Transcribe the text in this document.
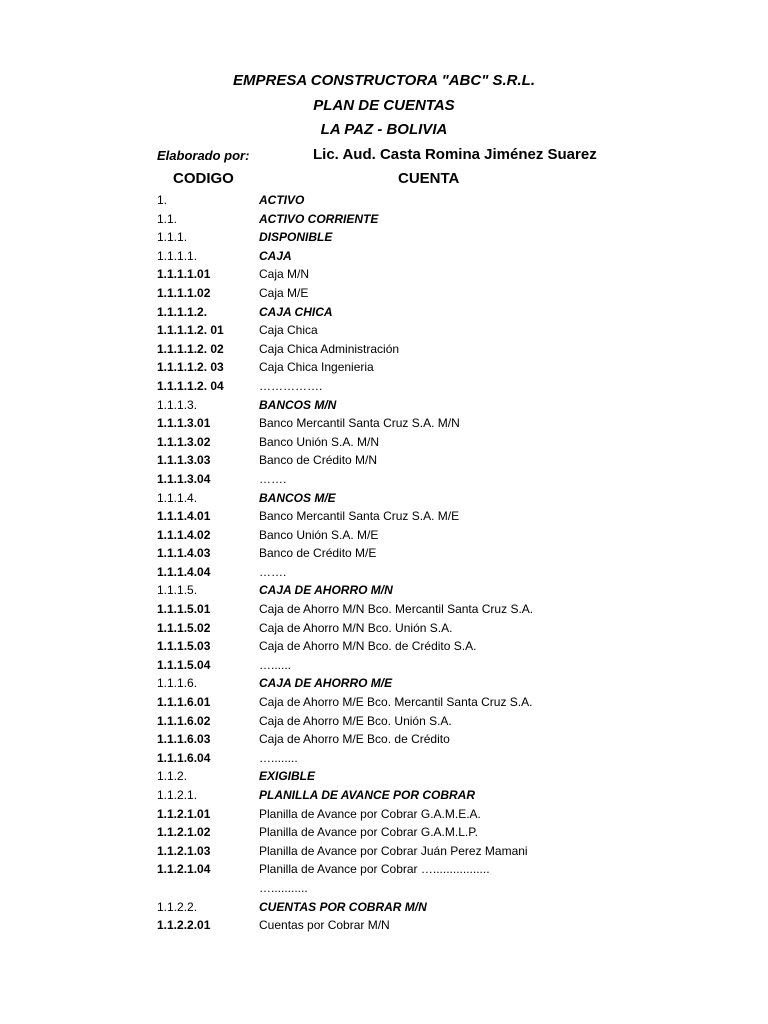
EMPRESA CONSTRUCTORA "ABC" S.R.L.
PLAN DE CUENTAS
LA PAZ - BOLIVIA
Elaborado por:	Lic. Aud. Casta Romina Jiménez Suarez
CODIGO	CUENTA
1.	ACTIVO
1.1.	ACTIVO CORRIENTE
1.1.1.	DISPONIBLE
1.1.1.1.	CAJA
1.1.1.1.01	Caja M/N
1.1.1.1.02	Caja M/E
1.1.1.1.2.	CAJA CHICA
1.1.1.1.2. 01	Caja Chica
1.1.1.1.2. 02	Caja Chica Administración
1.1.1.1.2. 03	Caja Chica Ingenieria
1.1.1.1.2. 04	…………….
1.1.1.3.	BANCOS M/N
1.1.1.3.01	Banco Mercantil Santa Cruz S.A. M/N
1.1.1.3.02	Banco Unión S.A. M/N
1.1.1.3.03	Banco de Crédito M/N
1.1.1.3.04	…….
1.1.1.4.	BANCOS M/E
1.1.1.4.01	Banco Mercantil Santa Cruz S.A. M/E
1.1.1.4.02	Banco Unión S.A. M/E
1.1.1.4.03	Banco de Crédito M/E
1.1.1.4.04	…….
1.1.1.5.	CAJA DE AHORRO M/N
1.1.1.5.01	Caja de Ahorro M/N Bco. Mercantil Santa Cruz S.A.
1.1.1.5.02	Caja de Ahorro M/N Bco. Unión S.A.
1.1.1.5.03	Caja de Ahorro M/N Bco. de Crédito S.A.
1.1.1.5.04	…......
1.1.1.6.	CAJA DE AHORRO M/E
1.1.1.6.01	Caja de Ahorro M/E Bco. Mercantil Santa Cruz S.A.
1.1.1.6.02	Caja de Ahorro M/E Bco. Unión S.A.
1.1.1.6.03	Caja de Ahorro M/E Bco. de Crédito
1.1.1.6.04	…........
1.1.2.	EXIGIBLE
1.1.2.1.	PLANILLA DE AVANCE POR COBRAR
1.1.2.1.01	Planilla de Avance por Cobrar G.A.M.E.A.
1.1.2.1.02	Planilla de Avance por Cobrar G.A.M.L.P.
1.1.2.1.03	Planilla de Avance por Cobrar Juán Perez Mamani
1.1.2.1.04	Planilla de Avance por Cobrar ….................
…...........
1.1.2.2.	CUENTAS POR COBRAR M/N
1.1.2.2.01	Cuentas por Cobrar M/N
